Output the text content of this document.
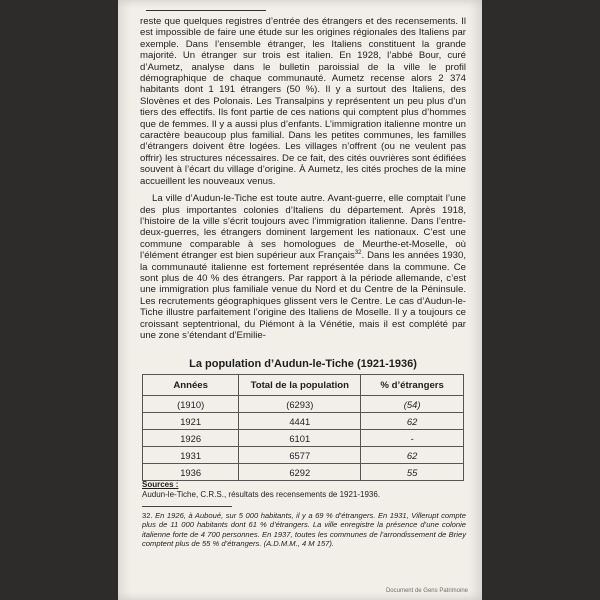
reste que quelques registres d’entrée des étrangers et des recensements. Il est impossible de faire une étude sur les origines régionales des Italiens par exemple. Dans l’ensemble étranger, les Italiens constituent la grande majorité. Un étranger sur trois est italien. En 1928, l’abbé Bour, curé d’Aumetz, analyse dans le bulletin paroissial de la ville le profil démographique de chaque communauté. Aumetz recense alors 2 374 habitants dont 1 191 étrangers (50 %). Il y a surtout des Italiens, des Slovènes et des Polonais. Les Transalpins y représentent un peu plus d’un tiers des effectifs. Ils font partie de ces nations qui comptent plus d’hommes que de femmes. Il y a aussi plus d’enfants. L’immigration italienne montre un caractère beaucoup plus familial. Dans les petites communes, les familles d’étrangers doivent être logées. Les villages n’offrent (ou ne veulent pas offrir) les structures nécessaires. De ce fait, des cités ouvrières sont édifiées souvent à l’écart du village d’origine. À Aumetz, les cités proches de la mine accueillent les nouveaux venus.

La ville d’Audun-le-Tiche est toute autre. Avant-guerre, elle comptait l’une des plus importantes colonies d’Italiens du département. Après 1918, l’histoire de la ville s’écrit toujours avec l’immigration italienne. Dans l’entre-deux-guerres, les étrangers dominent largement les nationaux. C’est une commune comparable à ses homologues de Meurthe-et-Moselle, où l’élément étranger est bien supérieur aux Français$^{32}$. Dans les années 1930, la communauté italienne est fortement représentée dans la commune. Ce sont plus de 40 % des étrangers. Par rapport à la période allemande, c’est une immigration plus familiale venue du Nord et du Centre de la Péninsule. Les recrutements géographiques glissent vers le Centre. Le cas d’Audun-le-Tiche illustre parfaitement l’origine des Italiens de Moselle. Il y a toujours ce croissant septentrional, du Piémont à la Vénétie, mais il est complété par une zone s’étendant d’Emilie-

La population d’Audun-le-Tiche (1921-1936)
Années	Total de la population	% d’étrangers
(1910)	(6293)	(54)
1921	4441	62
1926	6101	-
1931	6577	62
1936	6292	55
Sources :
Audun-le-Tiche, C.R.S., résultats des recensements de 1921-1936.
32. En 1926, à Auboué, sur 5 000 habitants, il y a 69 % d’étrangers. En 1931, Villerupt compte plus de 11 000 habitants dont 61 % d’étrangers. La ville enregistre la présence d’une colonie italienne forte de 4 700 personnes. En 1937, toutes les communes de l’arrondissement de Briey comptent plus de 55 % d’étrangers. (A.D.M.M., 4 M 157).
Document de Gens Patrimoine
